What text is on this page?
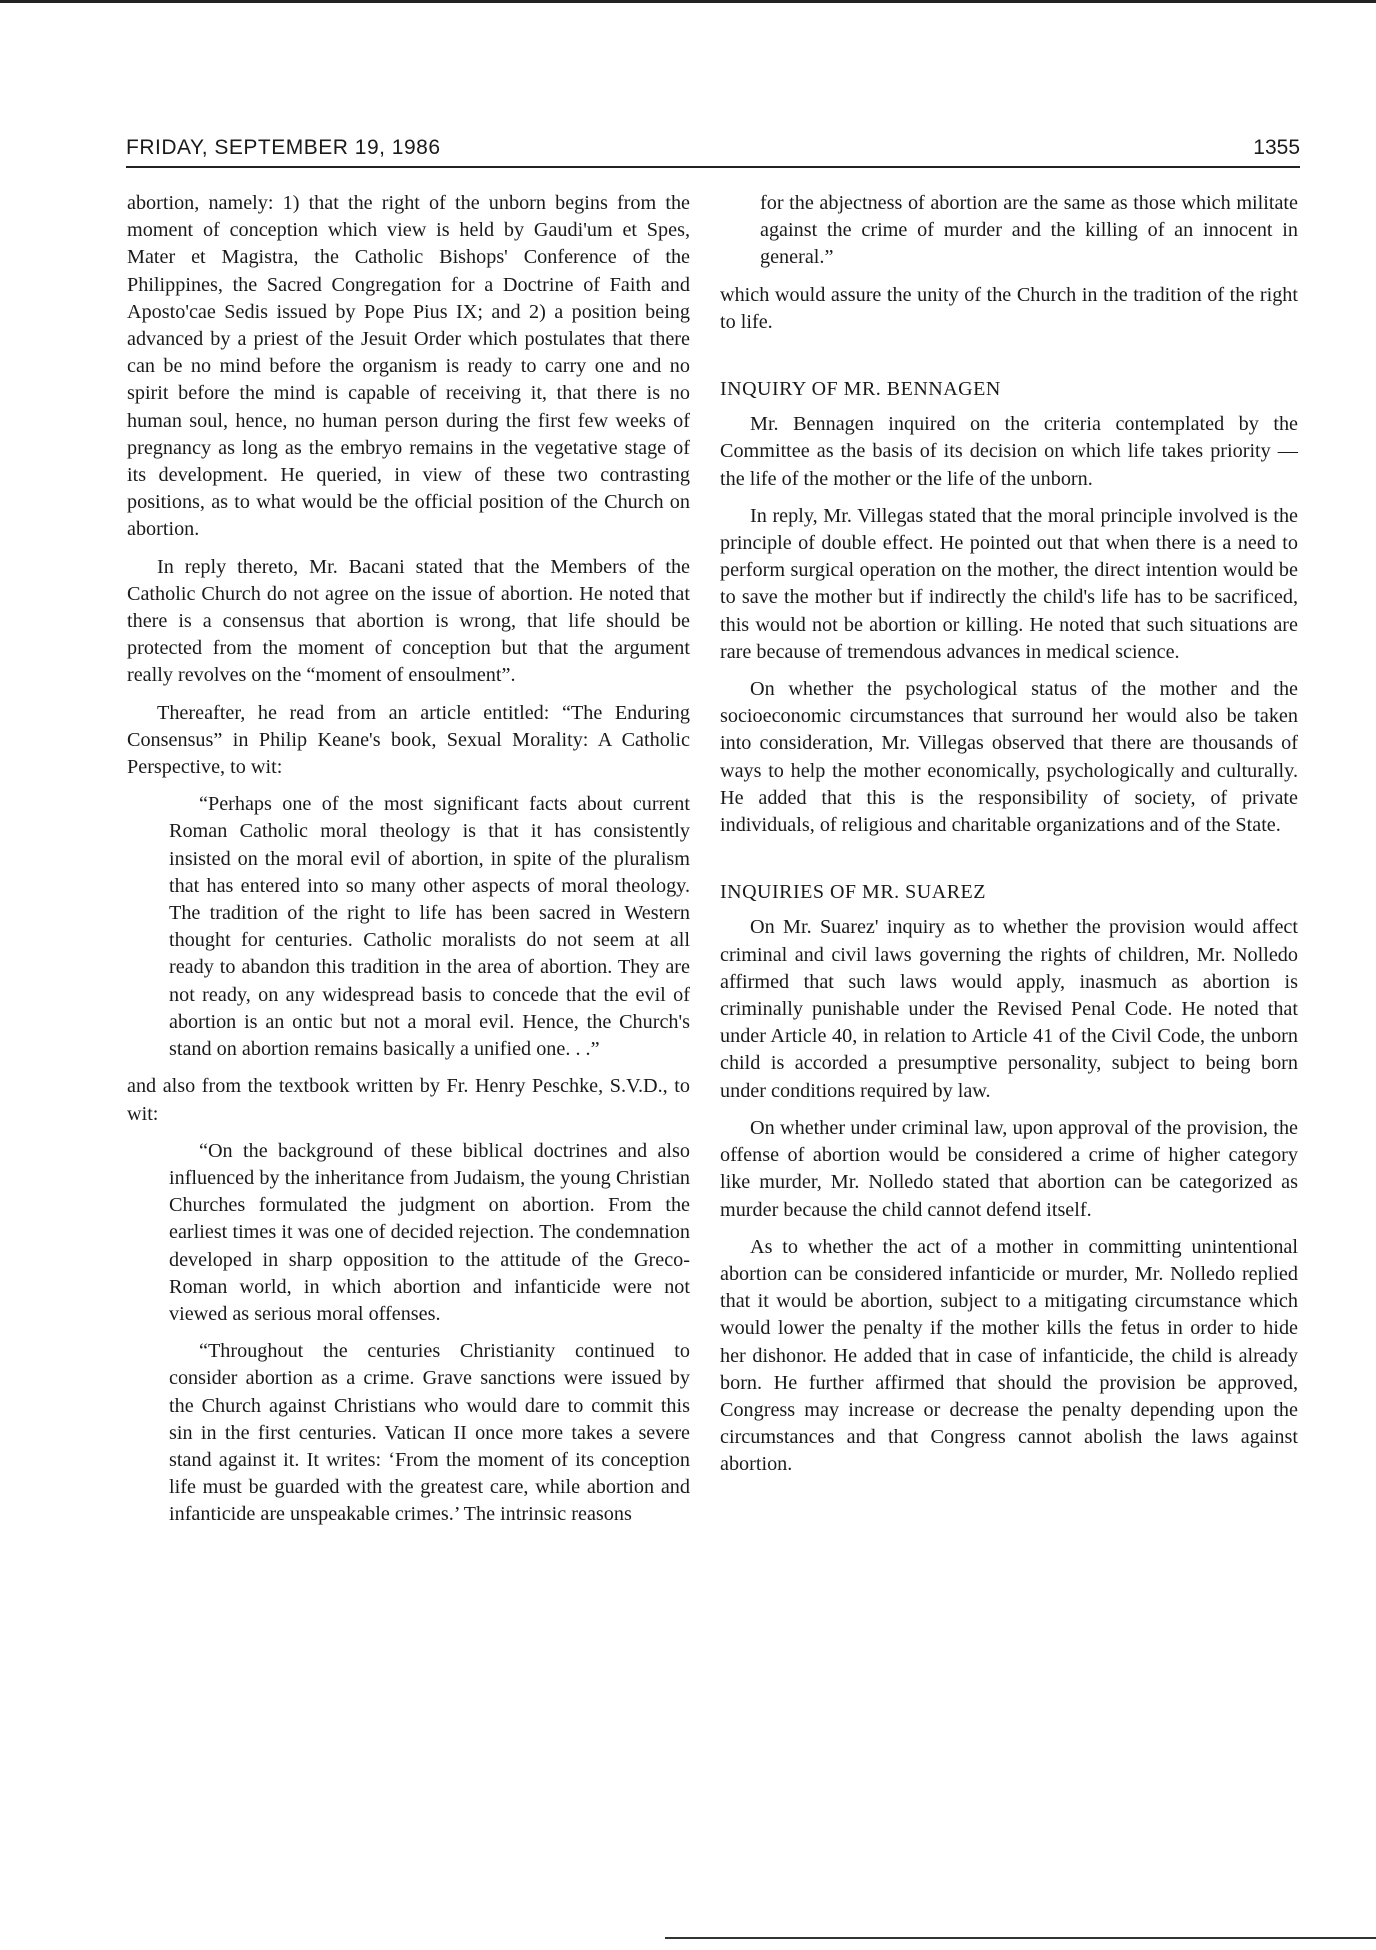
FRIDAY, SEPTEMBER 19, 1986	1355

abortion, namely: 1) that the right of the unborn begins from the moment of conception which view is held by Gaudi'um et Spes, Mater et Magistra, the Catholic Bishops' Conference of the Philippines, the Sacred Congregation for a Doctrine of Faith and Aposto'cae Sedis issued by Pope Pius IX; and 2) a position being advanced by a priest of the Jesuit Order which postulates that there can be no mind before the organism is ready to carry one and no spirit before the mind is capable of receiving it, that there is no human soul, hence, no human person during the first few weeks of pregnancy as long as the embryo remains in the vegetative stage of its development. He queried, in view of these two contrasting positions, as to what would be the official position of the Church on abortion.

In reply thereto, Mr. Bacani stated that the Members of the Catholic Church do not agree on the issue of abortion. He noted that there is a consensus that abortion is wrong, that life should be protected from the moment of conception but that the argument really revolves on the “moment of ensoulment”.

Thereafter, he read from an article entitled: “The Enduring Consensus” in Philip Keane's book, Sexual Morality: A Catholic Perspective, to wit:

“Perhaps one of the most significant facts about current Roman Catholic moral theology is that it has consistently insisted on the moral evil of abortion, in spite of the pluralism that has entered into so many other aspects of moral theology. The tradition of the right to life has been sacred in Western thought for centuries. Catholic moralists do not seem at all ready to abandon this tradition in the area of abortion. They are not ready, on any widespread basis to concede that the evil of abortion is an ontic but not a moral evil. Hence, the Church's stand on abortion remains basically a unified one. . .”

and also from the textbook written by Fr. Henry Peschke, S.V.D., to wit:

“On the background of these biblical doctrines and also influenced by the inheritance from Judaism, the young Christian Churches formulated the judgment on abortion. From the earliest times it was one of decided rejection. The condemnation developed in sharp opposition to the attitude of the Greco-Roman world, in which abortion and infanticide were not viewed as serious moral offenses.

“Throughout the centuries Christianity continued to consider abortion as a crime. Grave sanctions were issued by the Church against Christians who would dare to commit this sin in the first centuries. Vatican II once more takes a severe stand against it. It writes: ‘From the moment of its conception life must be guarded with the greatest care, while abortion and infanticide are unspeakable crimes.’ The intrinsic reasons

for the abjectness of abortion are the same as those which militate against the crime of murder and the killing of an innocent in general.”

which would assure the unity of the Church in the tradition of the right to life.

INQUIRY OF MR. BENNAGEN

Mr. Bennagen inquired on the criteria contemplated by the Committee as the basis of its decision on which life takes priority — the life of the mother or the life of the unborn.

In reply, Mr. Villegas stated that the moral principle involved is the principle of double effect. He pointed out that when there is a need to perform surgical operation on the mother, the direct intention would be to save the mother but if indirectly the child's life has to be sacrificed, this would not be abortion or killing. He noted that such situations are rare because of tremendous advances in medical science.

On whether the psychological status of the mother and the socioeconomic circumstances that surround her would also be taken into consideration, Mr. Villegas observed that there are thousands of ways to help the mother economically, psychologically and culturally. He added that this is the responsibility of society, of private individuals, of religious and charitable organizations and of the State.

INQUIRIES OF MR. SUAREZ

On Mr. Suarez' inquiry as to whether the provision would affect criminal and civil laws governing the rights of children, Mr. Nolledo affirmed that such laws would apply, inasmuch as abortion is criminally punishable under the Revised Penal Code. He noted that under Article 40, in relation to Article 41 of the Civil Code, the unborn child is accorded a presumptive personality, subject to being born under conditions required by law.

On whether under criminal law, upon approval of the provision, the offense of abortion would be considered a crime of higher category like murder, Mr. Nolledo stated that abortion can be categorized as murder because the child cannot defend itself.

As to whether the act of a mother in committing unintentional abortion can be considered infanticide or murder, Mr. Nolledo replied that it would be abortion, subject to a mitigating circumstance which would lower the penalty if the mother kills the fetus in order to hide her dishonor. He added that in case of infanticide, the child is already born. He further affirmed that should the provision be approved, Congress may increase or decrease the penalty depending upon the circumstances and that Congress cannot abolish the laws against abortion.
